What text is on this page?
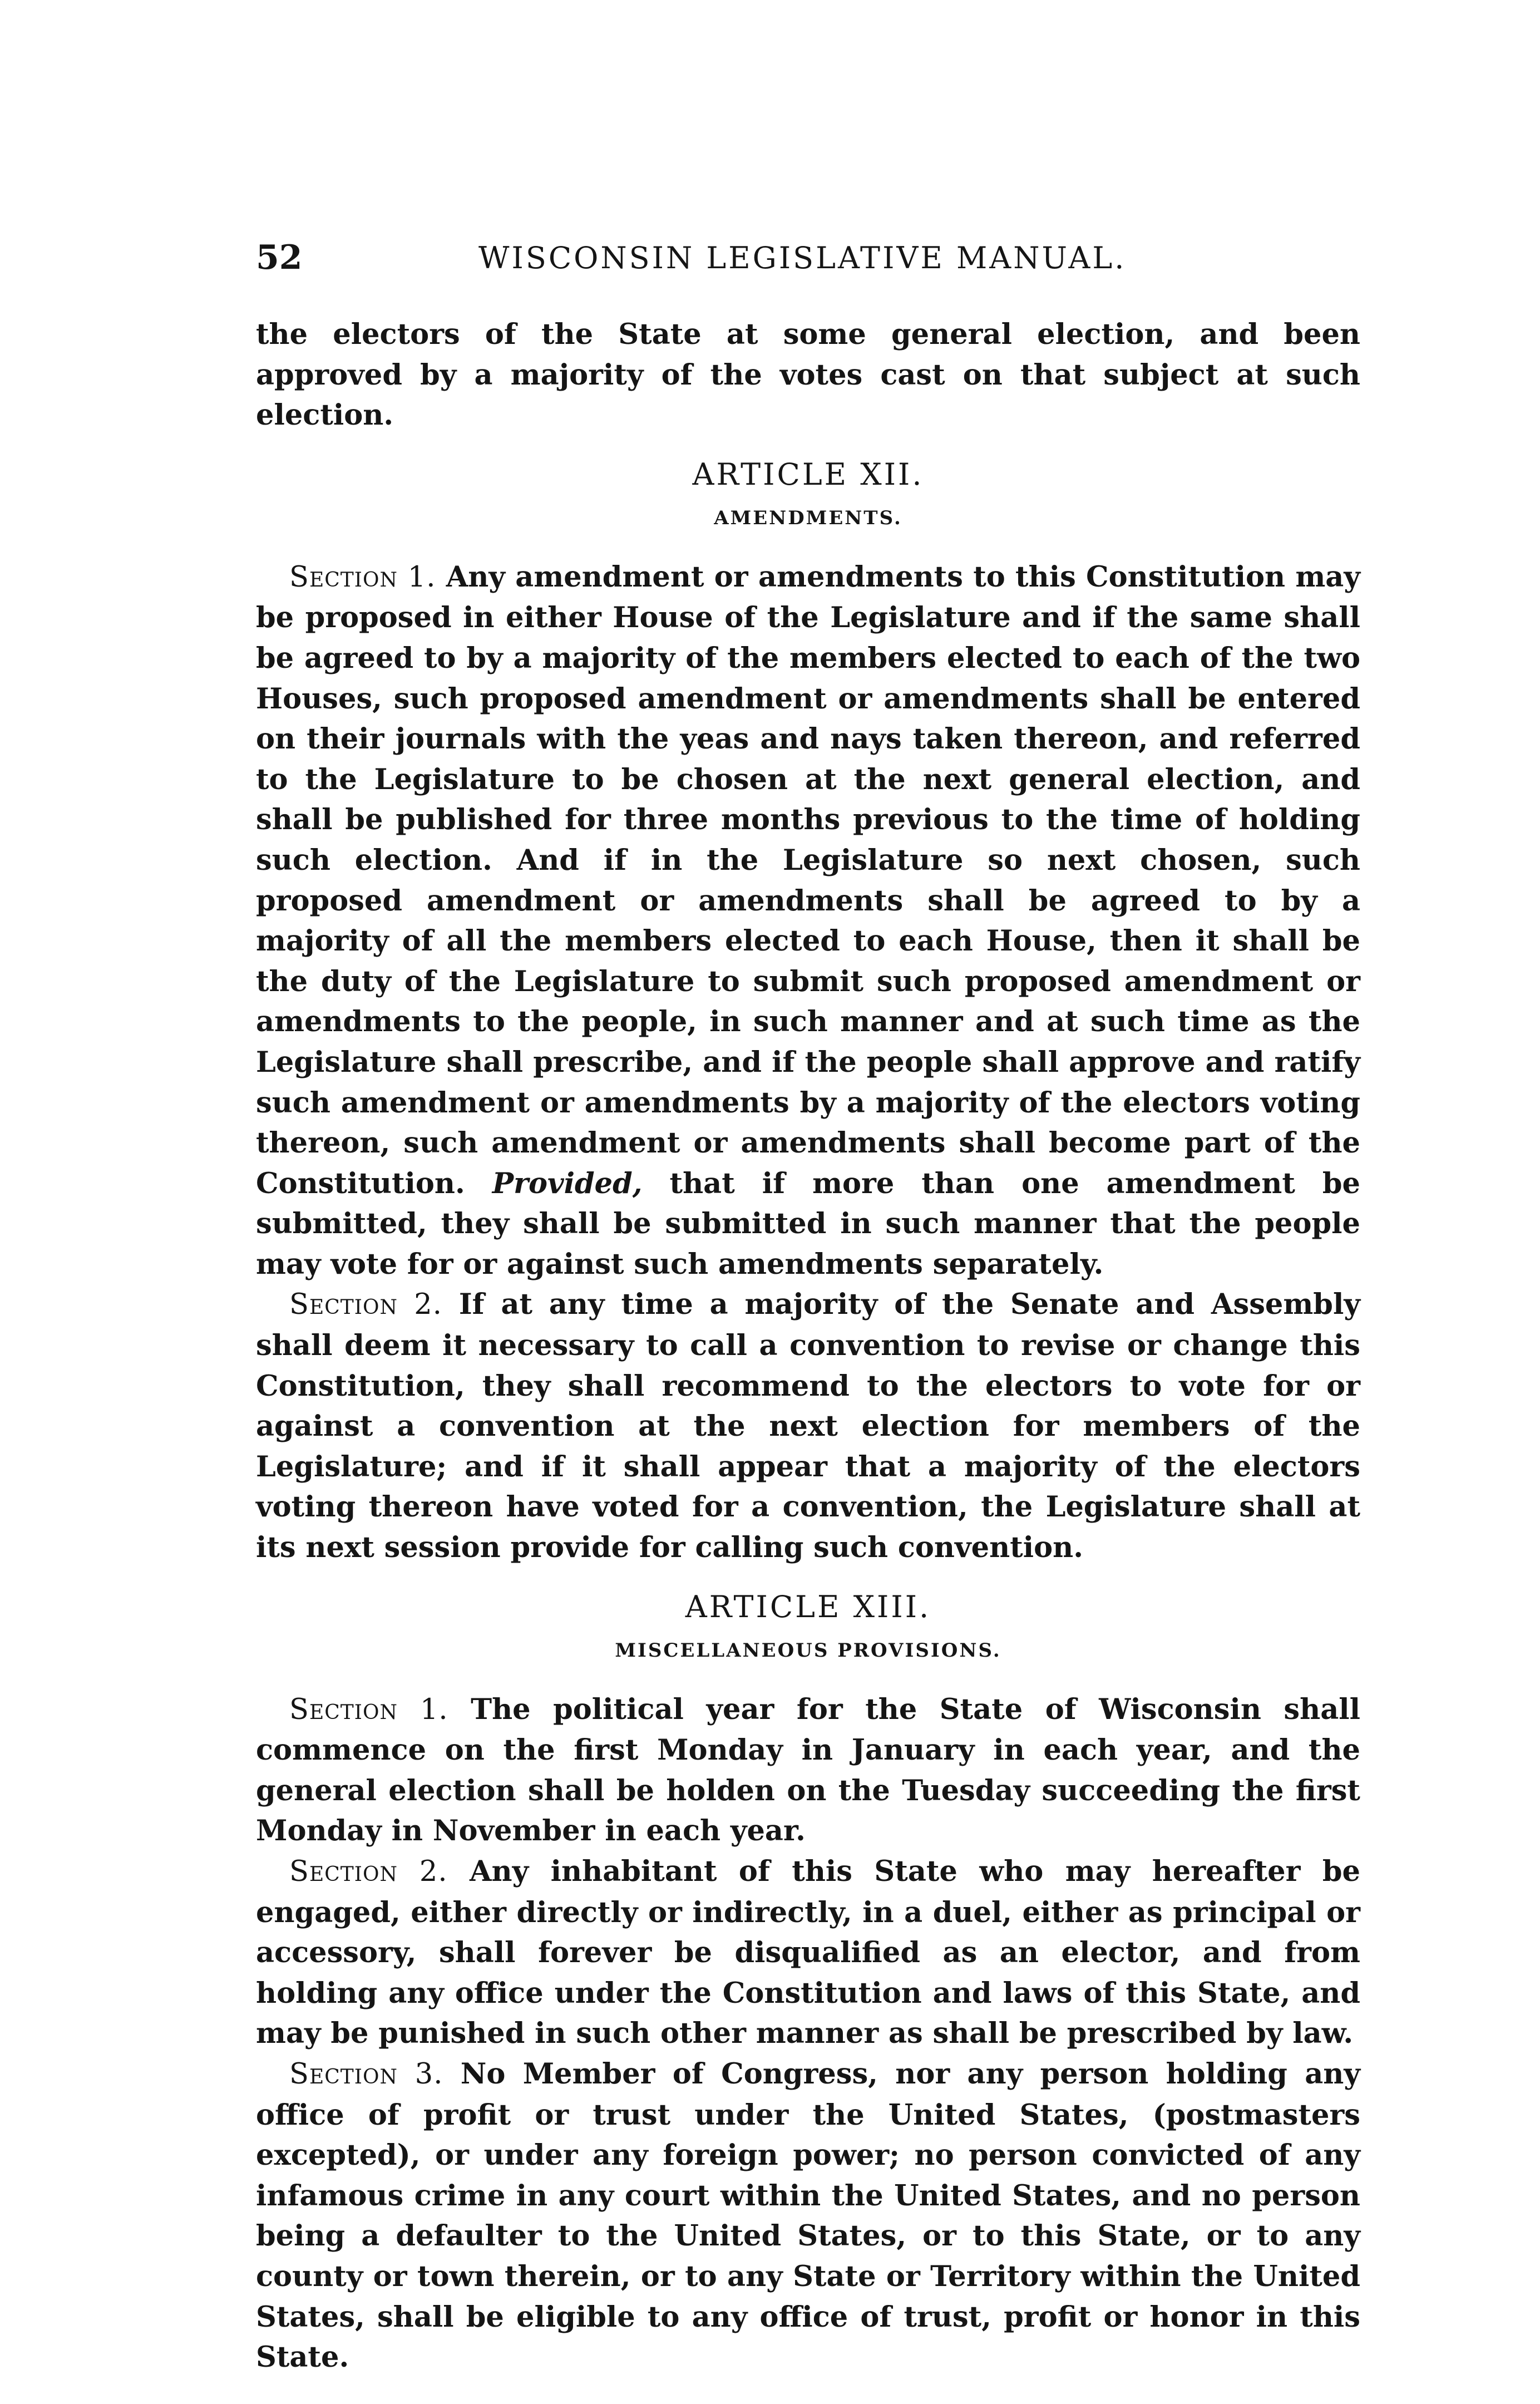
52	WISCONSIN LEGISLATIVE MANUAL.

the electors of the State at some general election, and been approved by a majority of the votes cast on that subject at such election.

ARTICLE XII.
AMENDMENTS.

Section 1. Any amendment or amendments to this Constitution may be proposed in either House of the Legislature and if the same shall be agreed to by a majority of the members elected to each of the two Houses, such proposed amendment or amendments shall be entered on their journals with the yeas and nays taken thereon, and referred to the Legislature to be chosen at the next general election, and shall be published for three months previous to the time of holding such election. And if in the Legislature so next chosen, such proposed amendment or amendments shall be agreed to by a majority of all the members elected to each House, then it shall be the duty of the Legislature to submit such proposed amendment or amendments to the people, in such manner and at such time as the Legislature shall prescribe, and if the people shall approve and ratify such amendment or amendments by a majority of the electors voting thereon, such amendment or amendments shall become part of the Constitution. Provided, that if more than one amendment be submitted, they shall be submitted in such manner that the people may vote for or against such amendments separately.

Section 2. If at any time a majority of the Senate and Assembly shall deem it necessary to call a convention to revise or change this Constitution, they shall recommend to the electors to vote for or against a convention at the next election for members of the Legislature; and if it shall appear that a majority of the electors voting thereon have voted for a convention, the Legislature shall at its next session provide for calling such convention.

ARTICLE XIII.
MISCELLANEOUS PROVISIONS.

Section 1. The political year for the State of Wisconsin shall commence on the first Monday in January in each year, and the general election shall be holden on the Tuesday succeeding the first Monday in November in each year.

Section 2. Any inhabitant of this State who may hereafter be engaged, either directly or indirectly, in a duel, either as principal or accessory, shall forever be disqualified as an elector, and from holding any office under the Constitution and laws of this State, and may be punished in such other manner as shall be prescribed by law.

Section 3. No Member of Congress, nor any person holding any office of profit or trust under the United States, (postmasters excepted), or under any foreign power; no person convicted of any infamous crime in any court within the United States, and no person being a defaulter to the United States, or to this State, or to any county or town therein, or to any State or Territory within the United States, shall be eligible to any office of trust, profit or honor in this State.
